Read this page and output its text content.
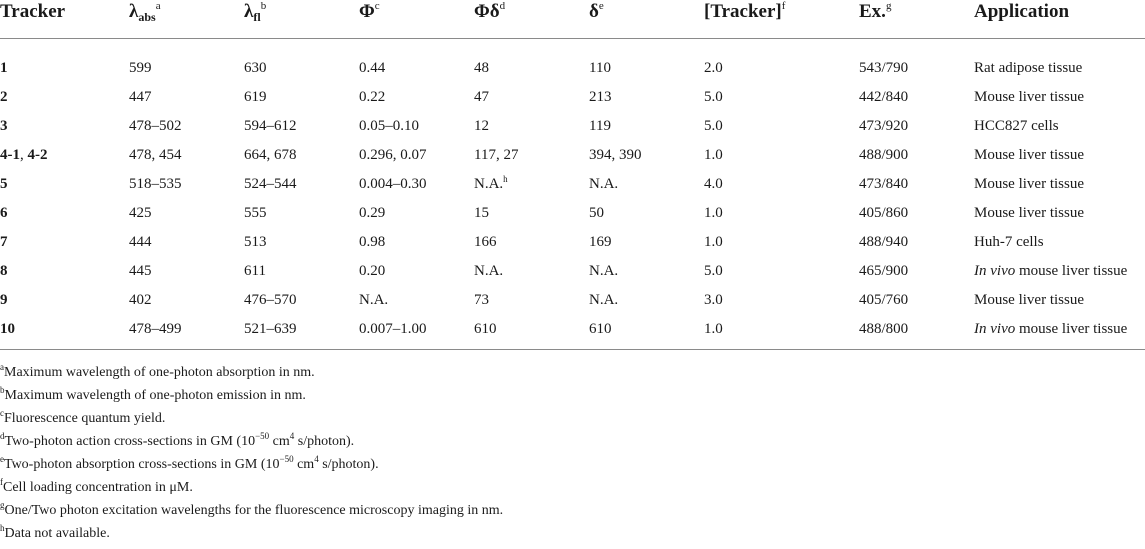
Tracker	$\lambda_{abs}^a$	$\lambda_{fl}^b$	$\Phi^c$	$\Phi\delta^d$	$\delta^e$	[Tracker]$^f$	Ex.$^g$	Application
1	599	630	0.44	48	110	2.0	543/790	Rat adipose tissue
2	447	619	0.22	47	213	5.0	442/840	Mouse liver tissue
3	478–502	594–612	0.05–0.10	12	119	5.0	473/920	HCC827 cells
4-1, 4-2	478, 454	664, 678	0.296, 0.07	117, 27	394, 390	1.0	488/900	Mouse liver tissue
5	518–535	524–544	0.004–0.30	N.A.$^h$	N.A.	4.0	473/840	Mouse liver tissue
6	425	555	0.29	15	50	1.0	405/860	Mouse liver tissue
7	444	513	0.98	166	169	1.0	488/940	Huh-7 cells
8	445	611	0.20	N.A.	N.A.	5.0	465/900	In vivo mouse liver tissue
9	402	476–570	N.A.	73	N.A.	3.0	405/760	Mouse liver tissue
10	478–499	521–639	0.007–1.00	610	610	1.0	488/800	In vivo mouse liver tissue
$^a$Maximum wavelength of one-photon absorption in nm.
$^b$Maximum wavelength of one-photon emission in nm.
$^c$Fluorescence quantum yield.
$^d$Two-photon action cross-sections in GM ($10^{-50}$ $cm^4$ s/photon).
$^e$Two-photon absorption cross-sections in GM ($10^{-50}$ $cm^4$ s/photon).
$^f$Cell loading concentration in μM.
$^g$One/Two photon excitation wavelengths for the fluorescence microscopy imaging in nm.
$^h$Data not available.
